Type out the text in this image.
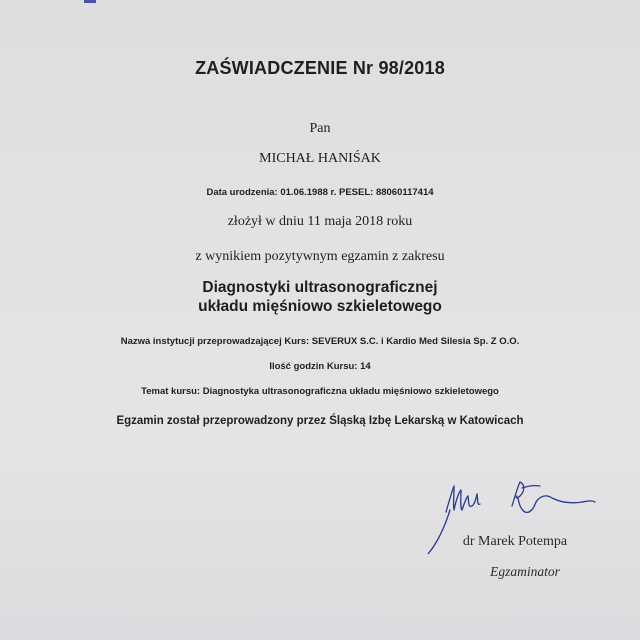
ZAŚWIADCZENIE Nr 98/2018
Pan
MICHAŁ HANIŚAK
Data urodzenia: 01.06.1988 r. PESEL: 88060117414
złożył w dniu 11 maja 2018 roku
z wynikiem pozytywnym egzamin z zakresu
Diagnostyki ultrasonograficznej
układu mięśniowo szkieletowego
Nazwa instytucji przeprowadzającej Kurs: SEVERUX S.C. i Kardio Med Silesia Sp. Z O.O.
Ilość godzin Kursu: 14
Temat kursu: Diagnostyka ultrasonograficzna układu mięśniowo szkieletowego
Egzamin został przeprowadzony przez Śląską Izbę Lekarską w Katowicach
dr Marek Potempa
Egzaminator
